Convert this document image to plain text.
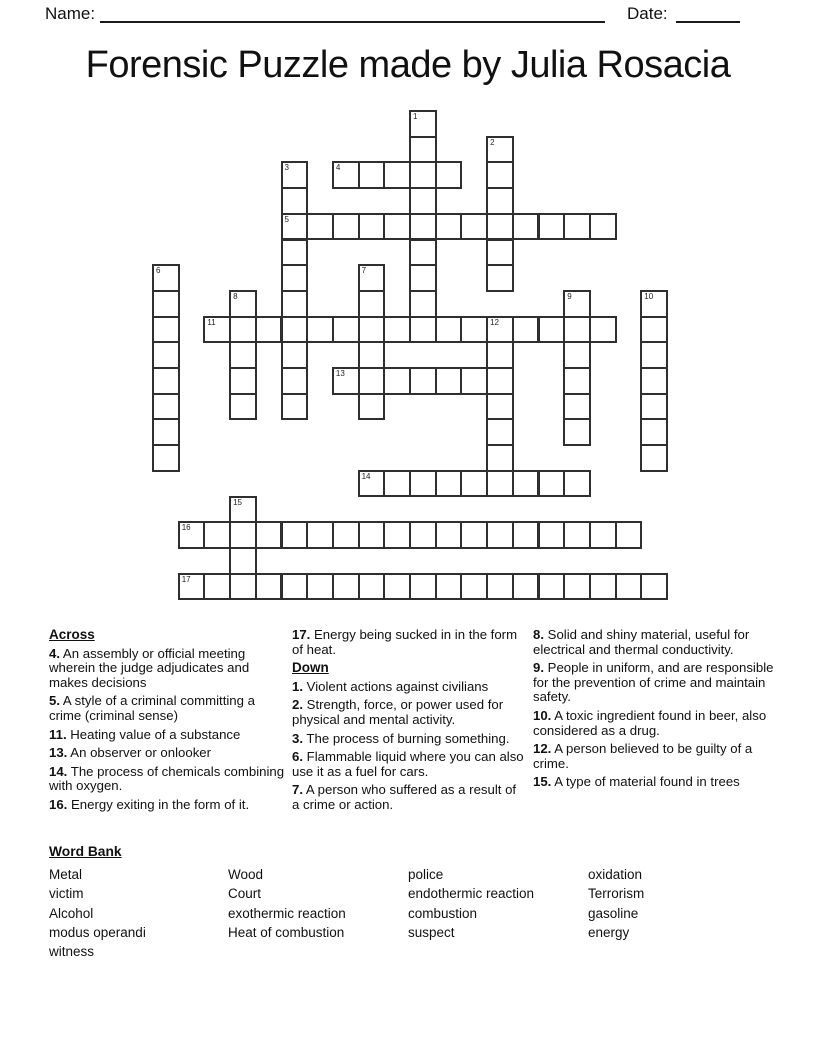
Name:	Date:
Forensic Puzzle made by Julia Rosacia
1
2
3
5
4
6	7
8	9	10
11	12
13
14
15
16
17
Across
4. An assembly or official meeting wherein the judge adjudicates and makes decisions
5. A style of a criminal committing a crime (criminal sense)
11. Heating value of a substance
13. An observer or onlooker
14. The process of chemicals combining with oxygen.
16. Energy exiting in the form of it.
17. Energy being sucked in in the form of heat.
Down
1. Violent actions against civilians
2. Strength, force, or power used for physical and mental activity.
3. The process of burning something.
6. Flammable liquid where you can also use it as a fuel for cars.
7. A person who suffered as a result of a crime or action.
8. Solid and shiny material, useful for electrical and thermal conductivity.
9. People in uniform, and are responsible for the prevention of crime and maintain safety.
10. A toxic ingredient found in beer, also considered as a drug.
12. A person believed to be guilty of a crime.
15. A type of material found in trees
Word Bank
Metal
victim
Alcohol
modus operandi
witness
Wood
Court
exothermic reaction
Heat of combustion
police
endothermic reaction
combustion
suspect
oxidation
Terrorism
gasoline
energy
